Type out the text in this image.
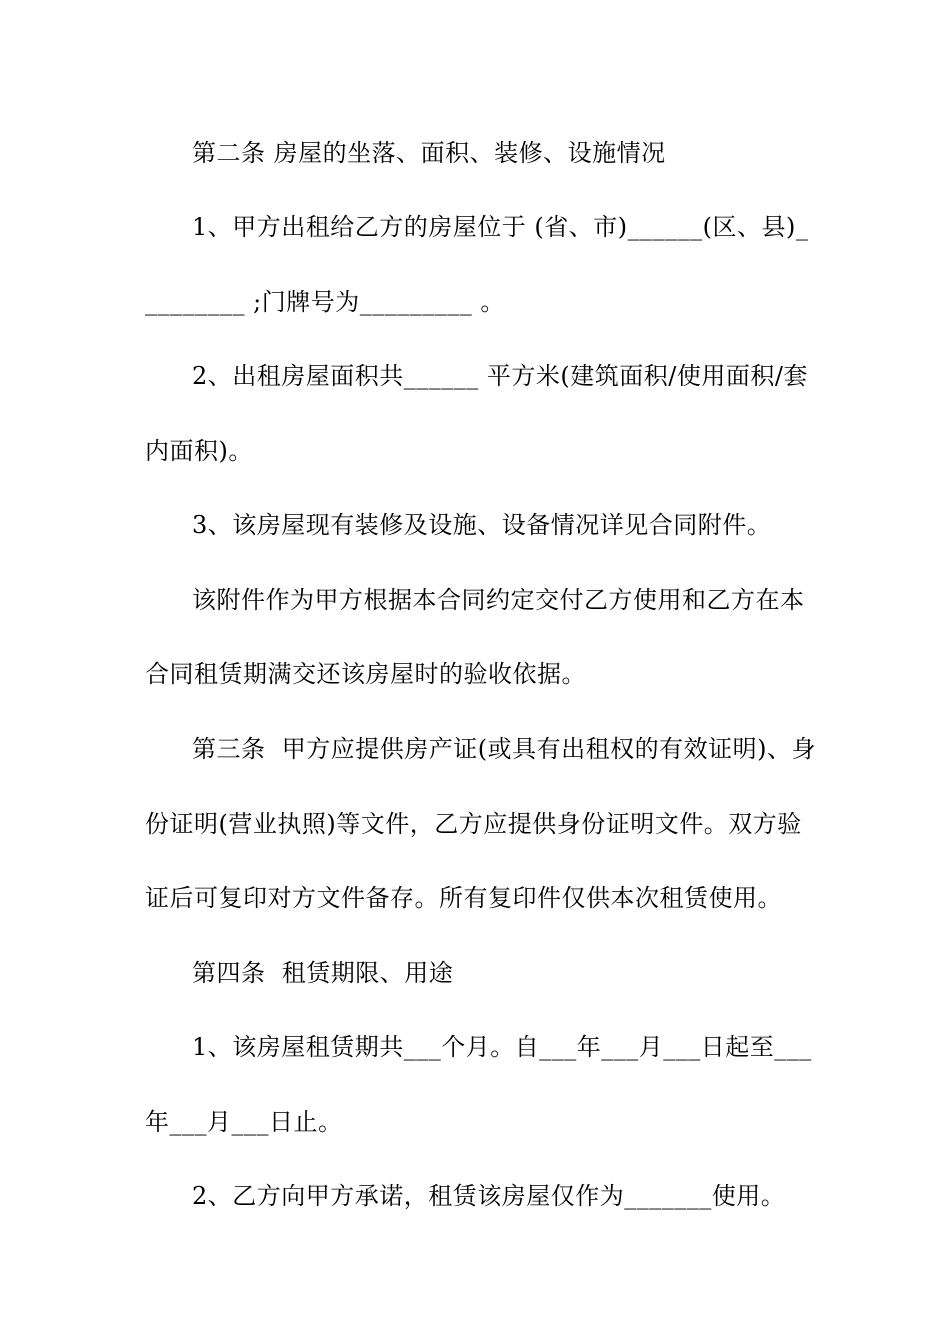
第二条 房屋的坐落、面积、装修、设施情况
1、甲方出租给乙方的房屋位于 (省、市)______(区、县)_
________ ;门牌号为_________ 。
2、出租房屋面积共______ 平方米(建筑面积/使用面积/套
内面积)。
3、该房屋现有装修及设施、设备情况详见合同附件。
该附件作为甲方根据本合同约定交付乙方使用和乙方在本
合同租赁期满交还该房屋时的验收依据。
第三条  甲方应提供房产证(或具有出租权的有效证明)、身
份证明(营业执照)等文件，乙方应提供身份证明文件。双方验
证后可复印对方文件备存。所有复印件仅供本次租赁使用。
第四条  租赁期限、用途
1、该房屋租赁期共___个月。自___年___月___日起至___
年___月___日止。
2、乙方向甲方承诺，租赁该房屋仅作为_______使用。
